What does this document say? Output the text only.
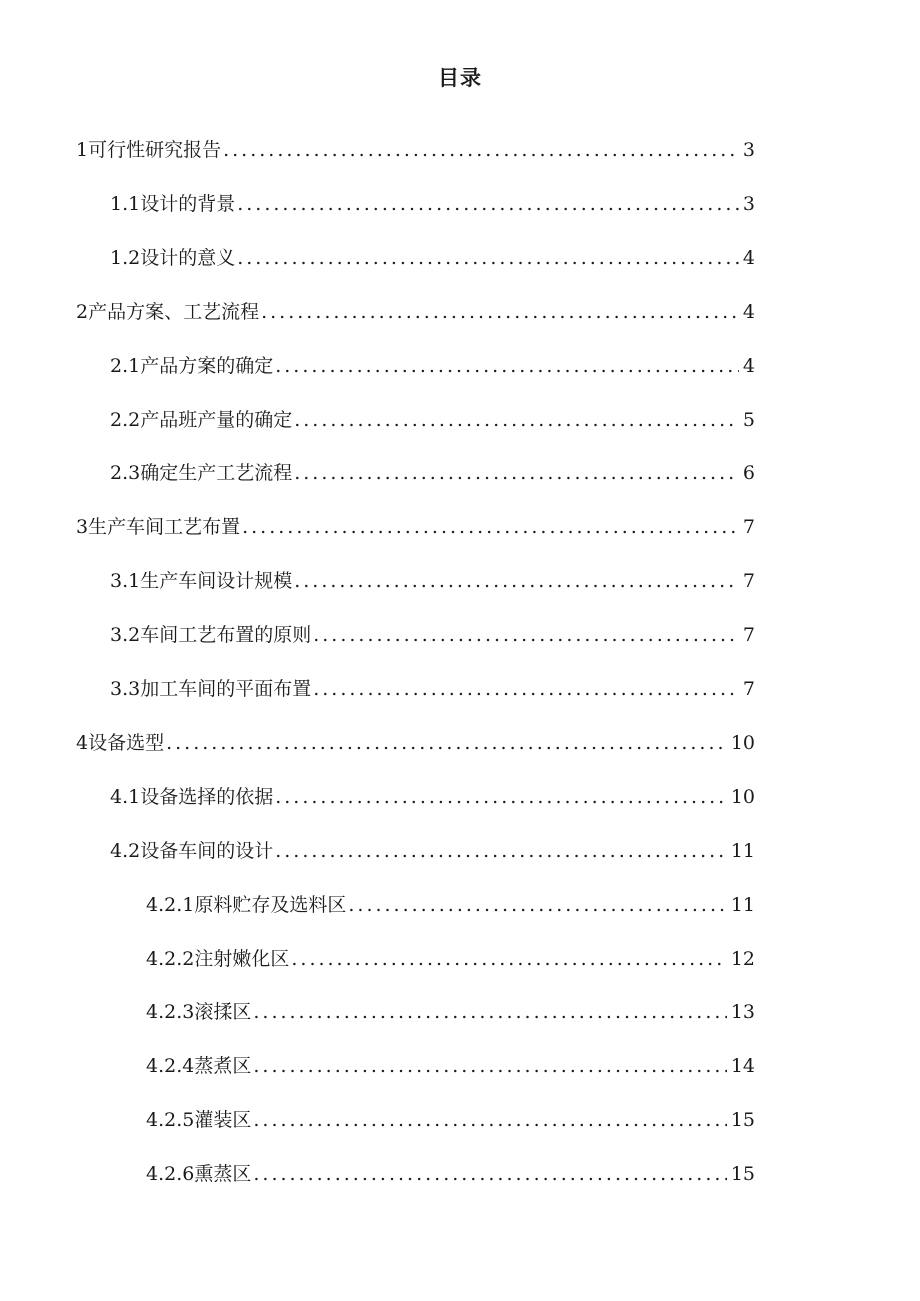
目录
1可行性研究报告 .....	3
1.1设计的背景 .....	3
1.2设计的意义 .....	4
2产品方案、工艺流程 .....	4
2.1产品方案的确定 .....	4
2.2产品班产量的确定 .....	5
2.3确定生产工艺流程 .....	6
3生产车间工艺布置 .....	7
3.1生产车间设计规模 .....	7
3.2车间工艺布置的原则 .....	7
3.3加工车间的平面布置 .....	7
4设备选型 .....	10
4.1设备选择的依据 .....	10
4.2设备车间的设计 .....	11
4.2.1原料贮存及选料区 .....	11
4.2.2注射嫩化区 .....	12
4.2.3滚揉区 .....	13
4.2.4蒸煮区 .....	14
4.2.5灌装区 .....	15
4.2.6熏蒸区 .....	15
